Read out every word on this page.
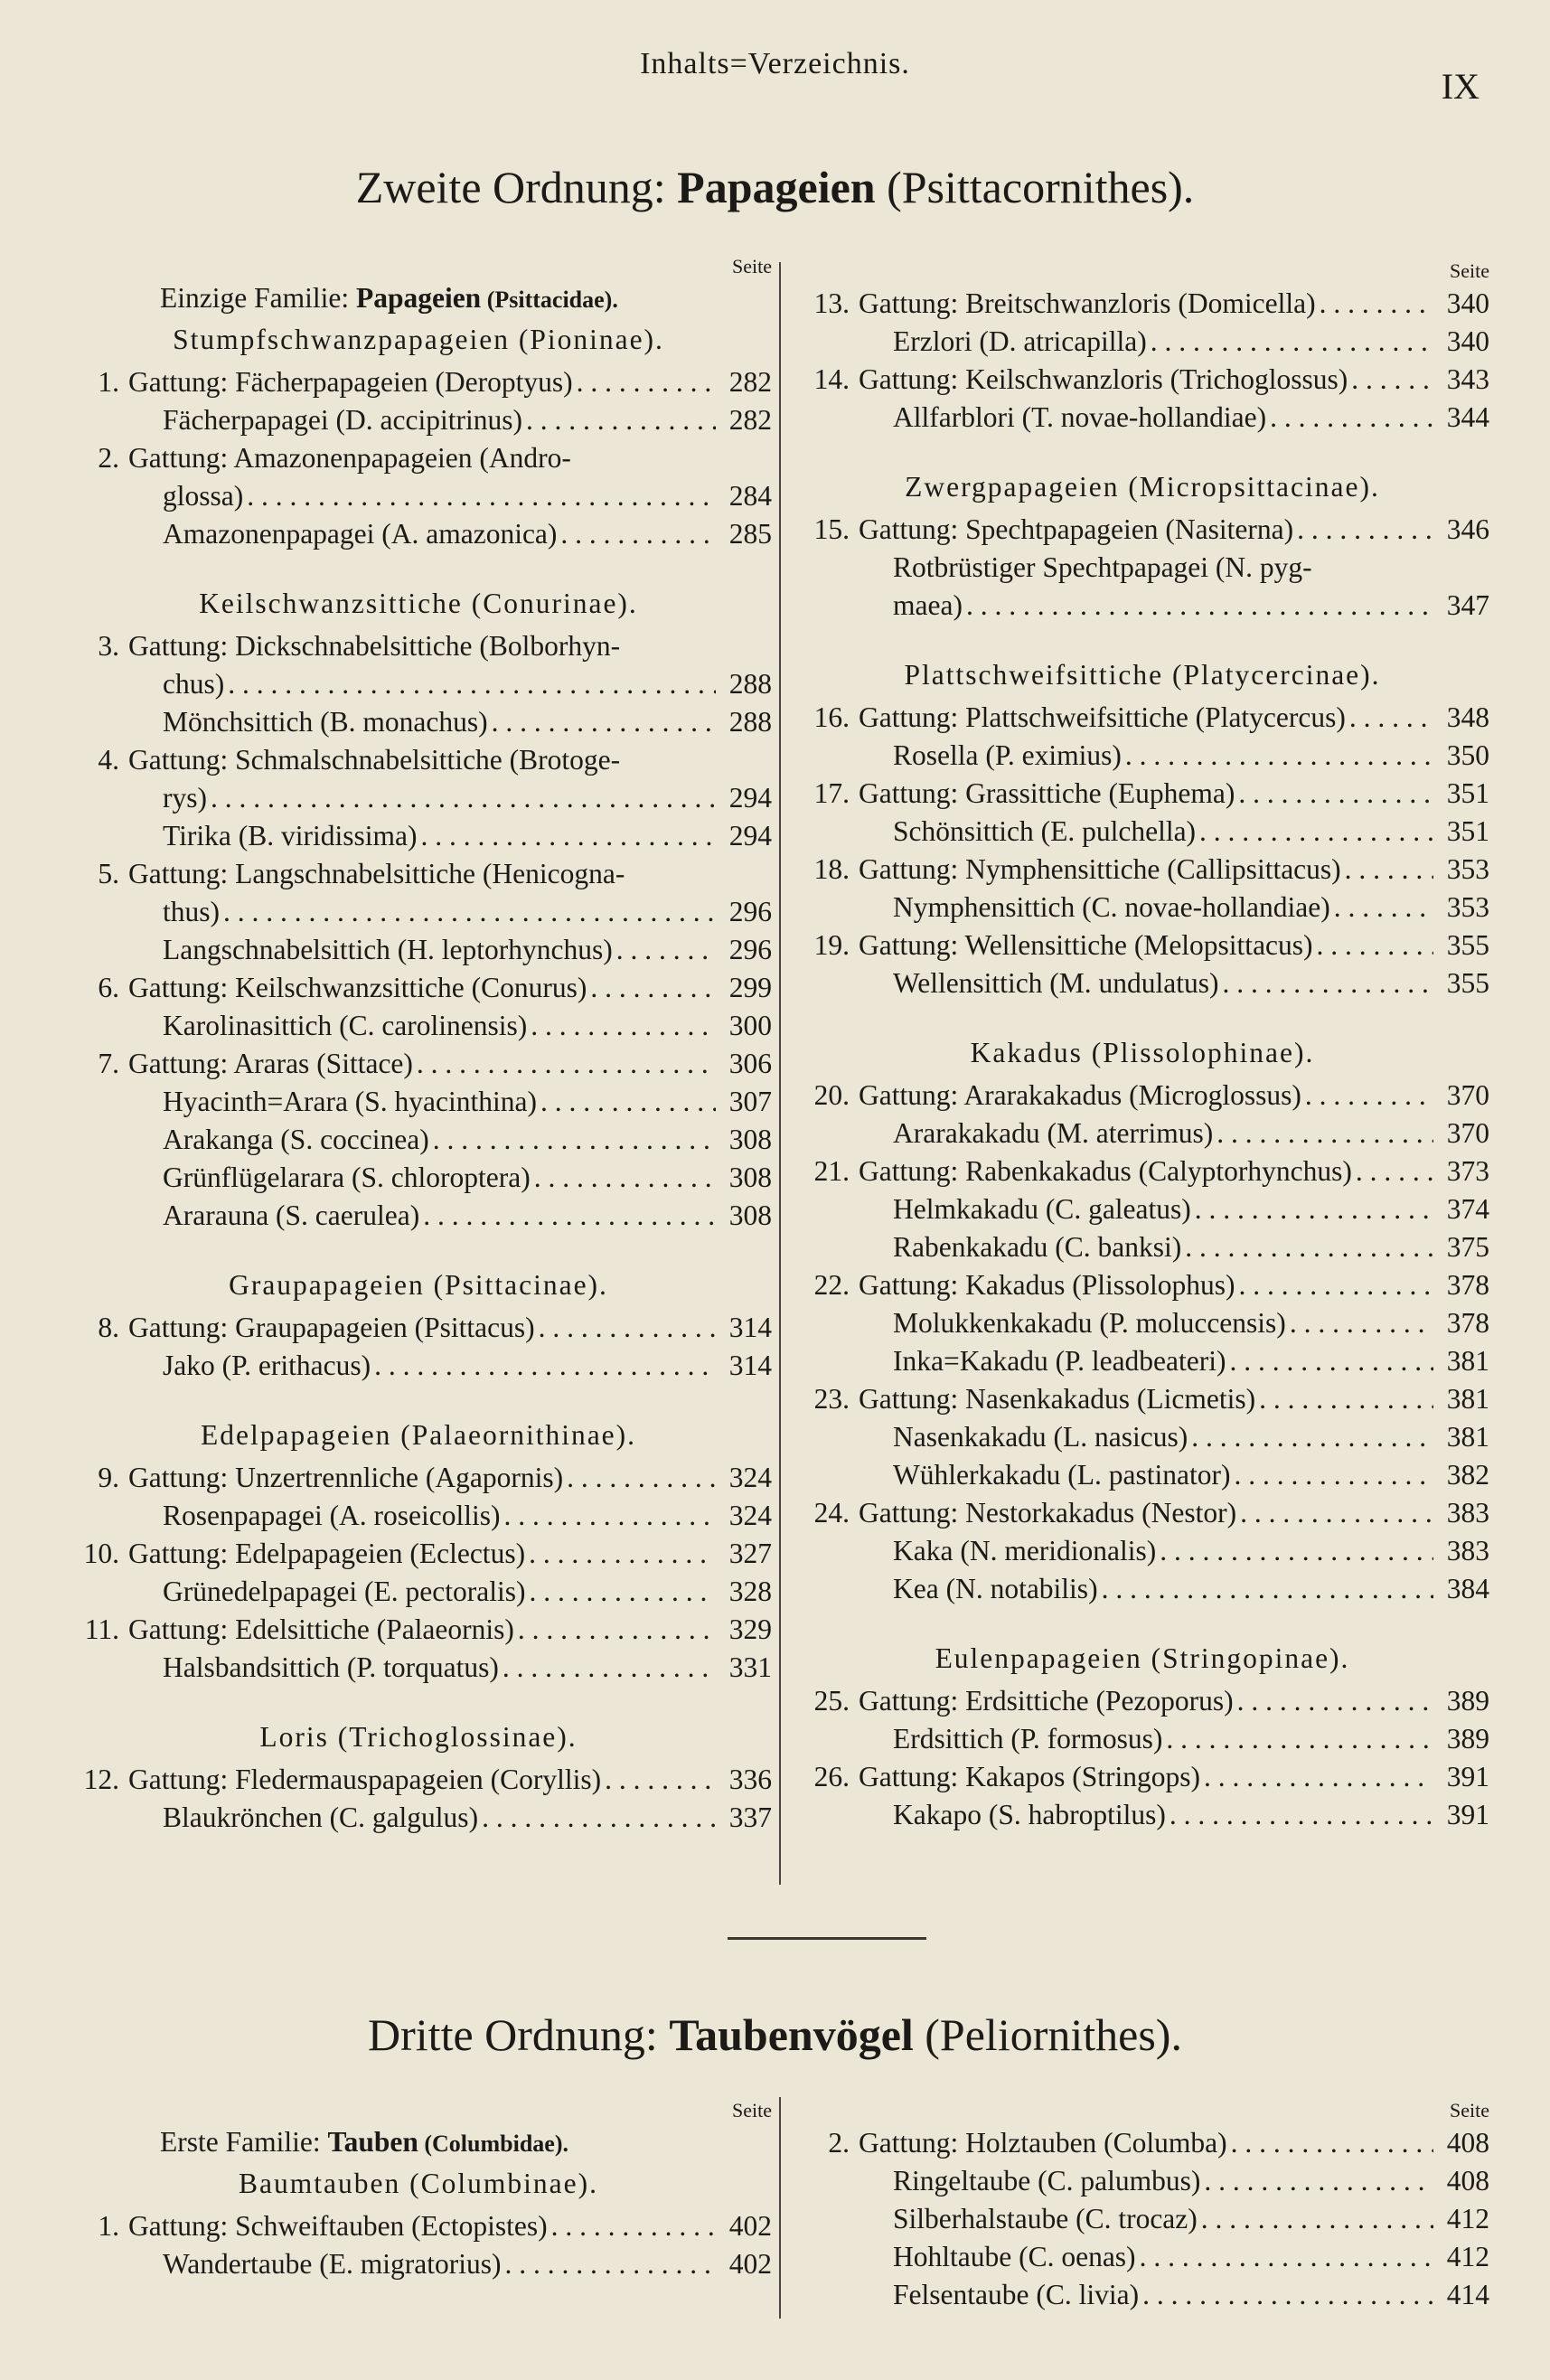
Inhalts=Verzeichnis.
IX
Zweite Ordnung: Papageien (Psittacornithes).
Seite
Einzige Familie: Papageien (Psittacidae).
Stumpfschwanzpapageien (Pioninae).
1. Gattung: Fächerpapageien (Deroptyus) . . .	282
Fächerpapagei (D. accipitrinus) . . .	282
2. Gattung: Amazonenpapageien (Andro-
glossa) . . .	284
Amazonenpapagei (A. amazonica) . . .	285
Keilschwanzsittiche (Conurinae).
3. Gattung: Dickschnabelsittiche (Bolborhyn-
chus) . . .	288
Mönchsittich (B. monachus) . . .	288
4. Gattung: Schmalschnabelsittiche (Brotoge-
rys) . . .	294
Tirika (B. viridissima) . . .	294
5. Gattung: Langschnabelsittiche (Henicogna-
thus) . . .	296
Langschnabelsittich (H. leptorhynchus) . . .	296
6. Gattung: Keilschwanzsittiche (Conurus) . . .	299
Karolinasittich (C. carolinensis) . . .	300
7. Gattung: Araras (Sittace) . . .	306
Hyacinth=Arara (S. hyacinthina) . . .	307
Arakanga (S. coccinea) . . .	308
Grünflügelarara (S. chloroptera) . . .	308
Ararauna (S. caerulea) . . .	308
Graupapageien (Psittacinae).
8. Gattung: Graupapageien (Psittacus) . . .	314
Jako (P. erithacus) . . .	314
Edelpapageien (Palaeornithinae).
9. Gattung: Unzertrennliche (Agapornis) . . .	324
Rosenpapagei (A. roseicollis) . . .	324
10. Gattung: Edelpapageien (Eclectus) . . .	327
Grünedelpapagei (E. pectoralis) . . .	328
11. Gattung: Edelsittiche (Palaeornis) . . .	329
Halsbandsittich (P. torquatus) . . .	331
Loris (Trichoglossinae).
12. Gattung: Fledermauspapageien (Coryllis) . . .	336
Blaukrönchen (C. galgulus) . . .	337
Seite
13. Gattung: Breitschwanzloris (Domicella) . . .	340
Erzlori (D. atricapilla) . . .	340
14. Gattung: Keilschwanzloris (Trichoglossus) . . .	343
Allfarblori (T. novae-hollandiae) . . .	344
Zwergpapageien (Micropsittacinae).
15. Gattung: Spechtpapageien (Nasiterna) . . .	346
Rotbrüstiger Spechtpapagei (N. pyg-
maea) . . .	347
Plattschweifsittiche (Platycercinae).
16. Gattung: Plattschweifsittiche (Platycercus) . . .	348
Rosella (P. eximius) . . .	350
17. Gattung: Grassittiche (Euphema) . . .	351
Schönsittich (E. pulchella) . . .	351
18. Gattung: Nymphensittiche (Callipsittacus) . . .	353
Nymphensittich (C. novae-hollandiae) . . .	353
19. Gattung: Wellensittiche (Melopsittacus) . . .	355
Wellensittich (M. undulatus) . . .	355
Kakadus (Plissolophinae).
20. Gattung: Ararakakadus (Microglossus) . . .	370
Ararakakadu (M. aterrimus) . . .	370
21. Gattung: Rabenkakadus (Calyptorhynchus) . . .	373
Helmkakadu (C. galeatus) . . .	374
Rabenkakadu (C. banksi) . . .	375
22. Gattung: Kakadus (Plissolophus) . . .	378
Molukkenkakadu (P. moluccensis) . . .	378
Inka=Kakadu (P. leadbeateri) . . .	381
23. Gattung: Nasenkakadus (Licmetis) . . .	381
Nasenkakadu (L. nasicus) . . .	381
Wühlerkakadu (L. pastinator) . . .	382
24. Gattung: Nestorkakadus (Nestor) . . .	383
Kaka (N. meridionalis) . . .	383
Kea (N. notabilis) . . .	384
Eulenpapageien (Stringopinae).
25. Gattung: Erdsittiche (Pezoporus) . . .	389
Erdsittich (P. formosus) . . .	389
26. Gattung: Kakapos (Stringops) . . .	391
Kakapo (S. habroptilus) . . .	391
Dritte Ordnung: Taubenvögel (Peliornithes).
Seite
Erste Familie: Tauben (Columbidae).
Baumtauben (Columbinae).
1. Gattung: Schweiftauben (Ectopistes) . . .	402
Wandertaube (E. migratorius) . . .	402
Seite
2. Gattung: Holztauben (Columba) . . .	408
Ringeltaube (C. palumbus) . . .	408
Silberhalstaube (C. trocaz) . . .	412
Hohltaube (C. oenas) . . .	412
Felsentaube (C. livia) . . .	414
